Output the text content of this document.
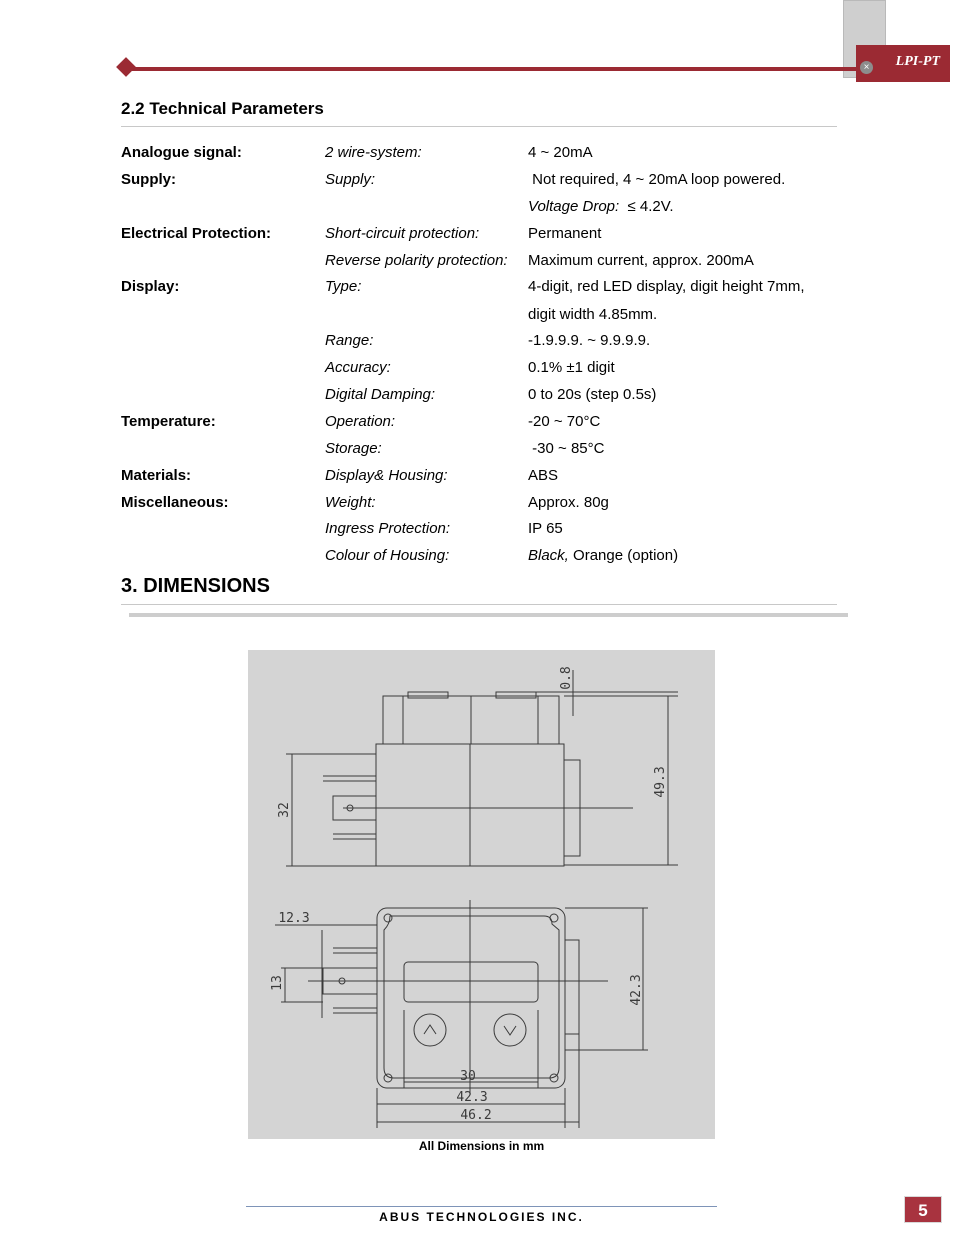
LPI-PT
×
2.2 Technical Parameters
Analogue signal:	2 wire-system:	4 ~ 20mA
Supply:	Supply:	Not required, 4 ~ 20mA loop powered.
Voltage Drop:  ≤ 4.2V.
Electrical Protection:	Short-circuit protection:	Permanent
Reverse polarity protection: Maximum current, approx. 200mA
Display:	Type:	4-digit, red LED display, digit height 7mm,
digit width 4.85mm.
Range:	-1.9.9.9. ~ 9.9.9.9.
Accuracy:	0.1% ±1 digit
Digital Damping:	0 to 20s (step 0.5s)
Temperature:	Operation:	-20 ~ 70°C
Storage:	-30 ~ 85°C
Materials:	Display& Housing:	ABS
Miscellaneous:	Weight:	Approx. 80g
Ingress Protection:	IP 65
Colour of Housing:	Black, Orange (option)
3. DIMENSIONS
0.8
49.3
32
12.3
13	42.3
30
42.3
46.2
All Dimensions in mm
ABUS TECHNOLOGIES INC.	5
